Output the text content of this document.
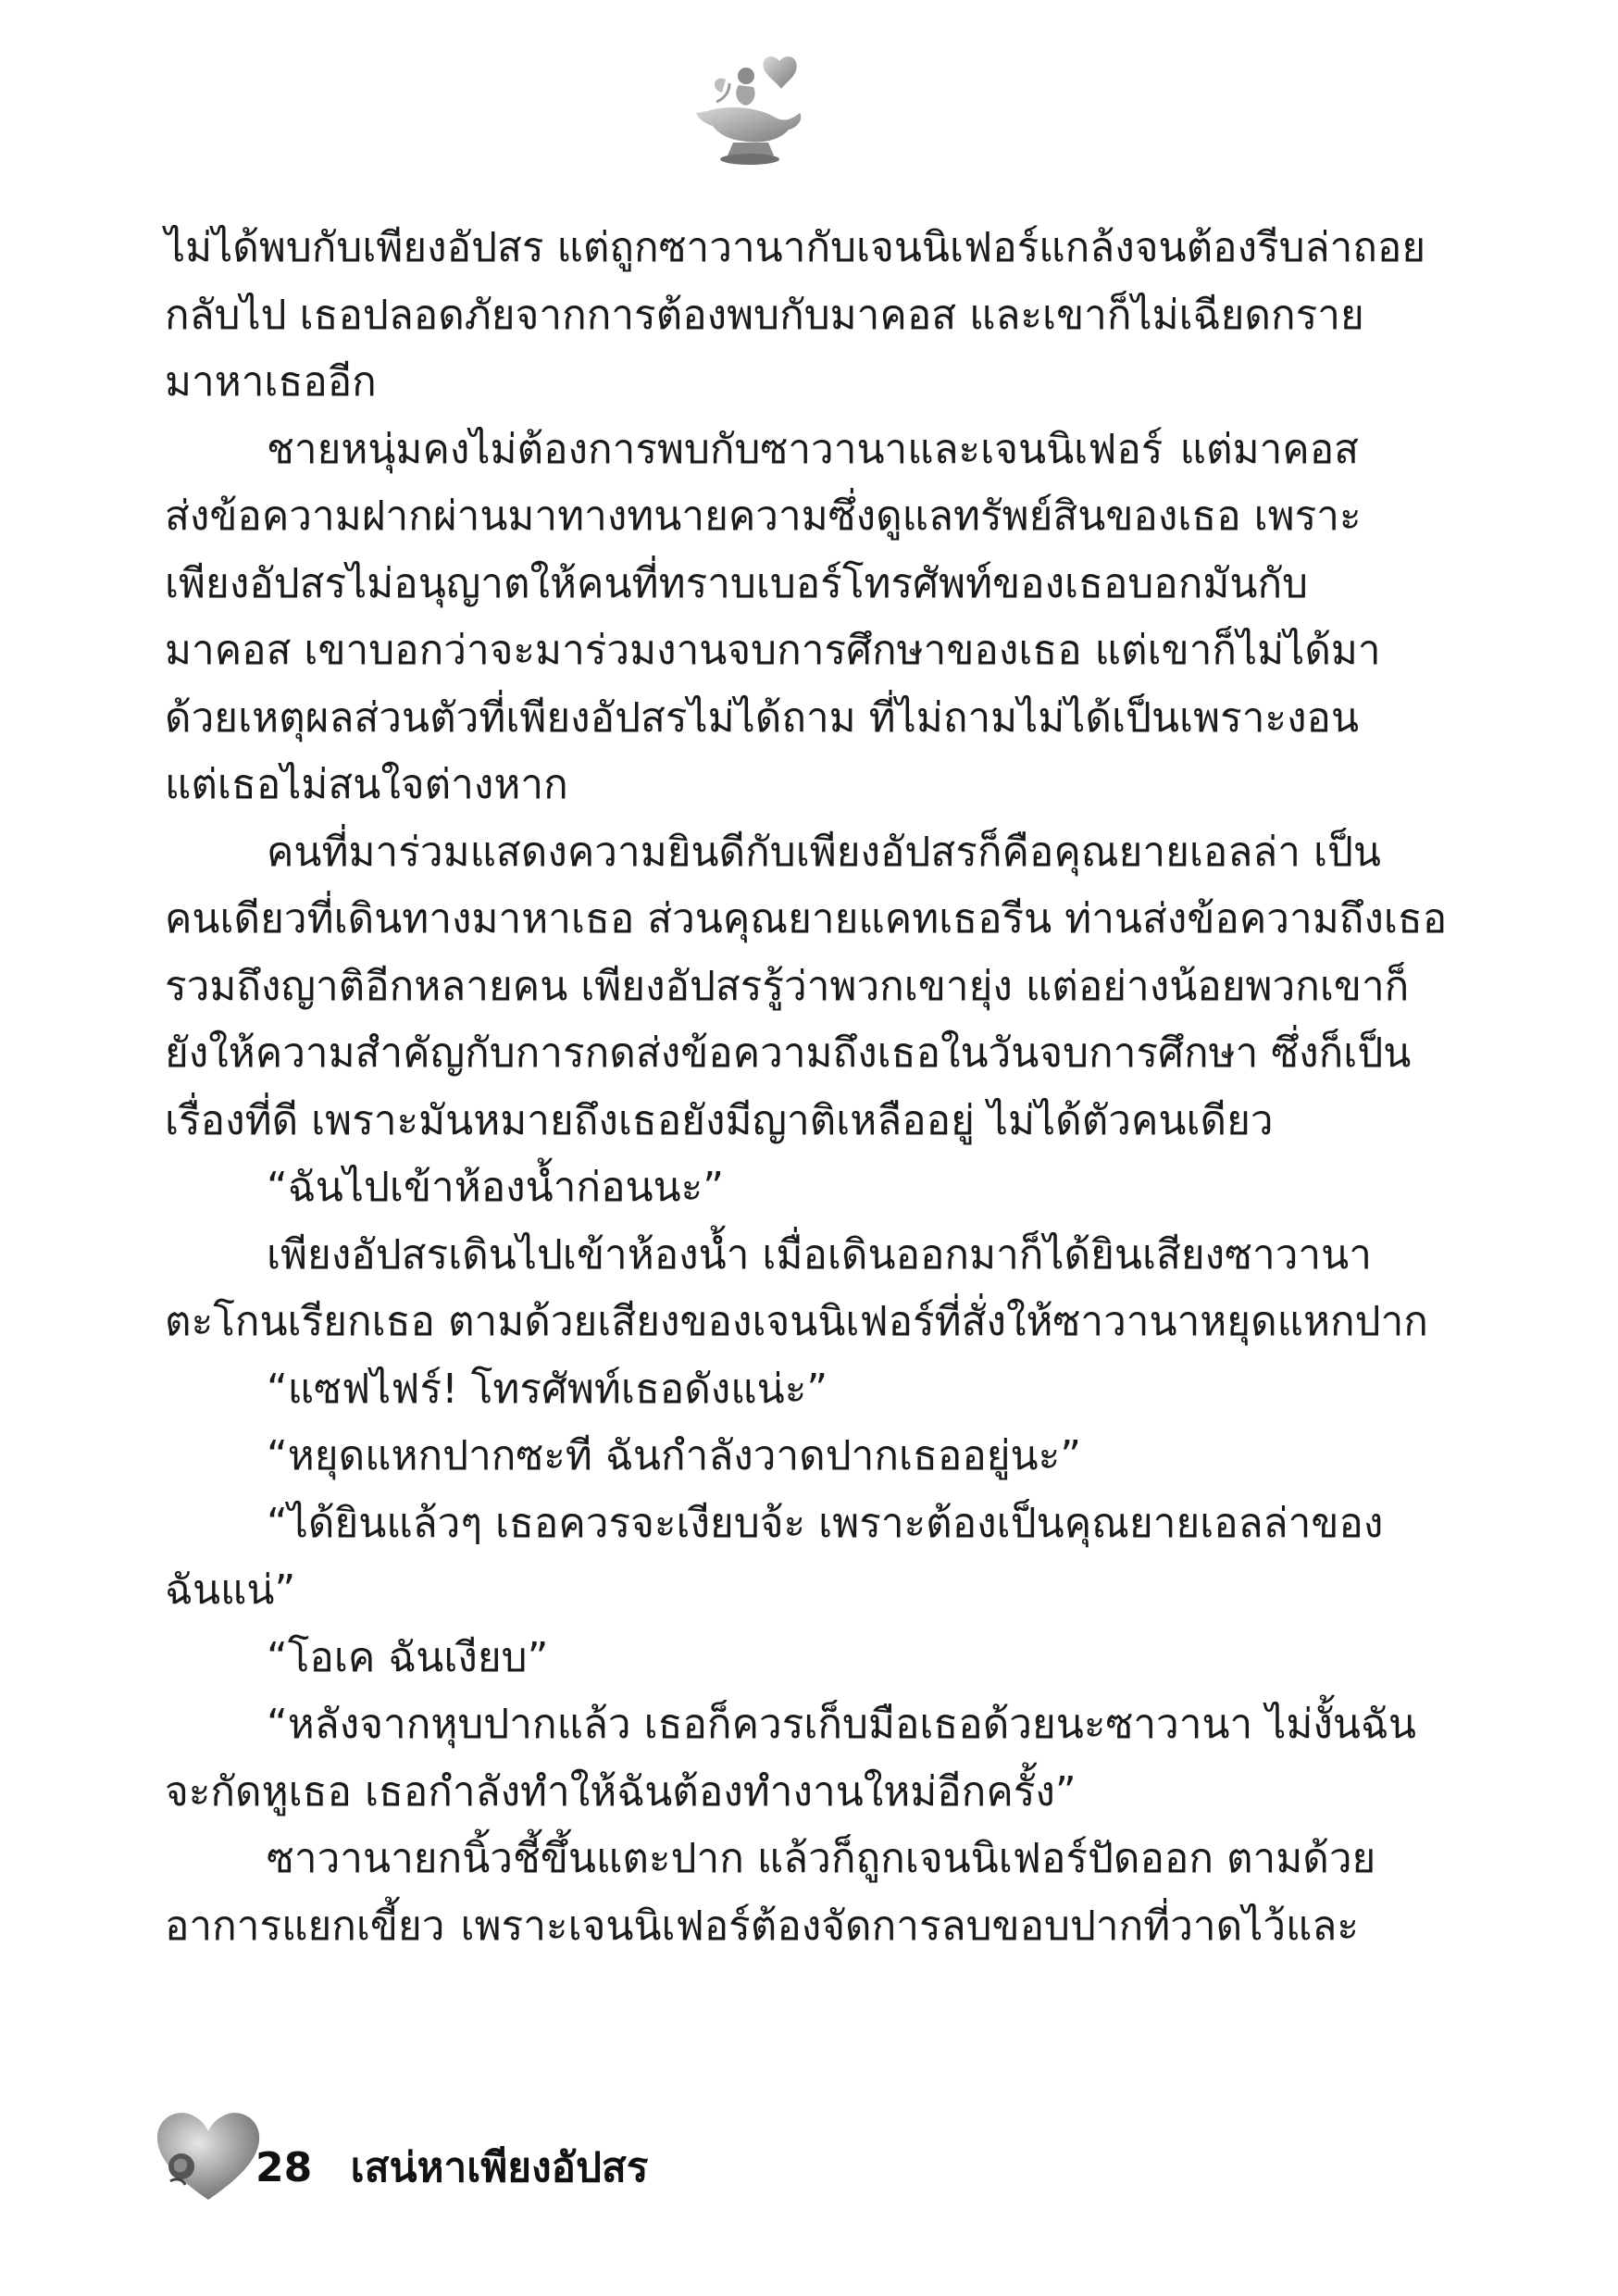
ไม่ได้พบกับเพียงอัปสร แต่ถูกซาวานากับเจนนิเฟอร์แกล้งจนต้องรีบล่าถอย
กลับไป เธอปลอดภัยจากการต้องพบกับมาคอส และเขาก็ไม่เฉียดกราย
มาหาเธออีก
ชายหนุ่มคงไม่ต้องการพบกับซาวานาและเจนนิเฟอร์ แต่มาคอส
ส่งข้อความฝากผ่านมาทางทนายความซึ่งดูแลทรัพย์สินของเธอ เพราะ
เพียงอัปสรไม่อนุญาตให้คนที่ทราบเบอร์โทรศัพท์ของเธอบอกมันกับ
มาคอส เขาบอกว่าจะมาร่วมงานจบการศึกษาของเธอ แต่เขาก็ไม่ได้มา
ด้วยเหตุผลส่วนตัวที่เพียงอัปสรไม่ได้ถาม ที่ไม่ถามไม่ได้เป็นเพราะงอน
แต่เธอไม่สนใจต่างหาก
คนที่มาร่วมแสดงความยินดีกับเพียงอัปสรก็คือคุณยายเอลล่า เป็น
คนเดียวที่เดินทางมาหาเธอ ส่วนคุณยายแคทเธอรีน ท่านส่งข้อความถึงเธอ
รวมถึงญาติอีกหลายคน เพียงอัปสรรู้ว่าพวกเขายุ่ง แต่อย่างน้อยพวกเขาก็
ยังให้ความสำคัญกับการกดส่งข้อความถึงเธอในวันจบการศึกษา ซึ่งก็เป็น
เรื่องที่ดี เพราะมันหมายถึงเธอยังมีญาติเหลืออยู่ ไม่ได้ตัวคนเดียว
“ฉันไปเข้าห้องน้ำก่อนนะ”
เพียงอัปสรเดินไปเข้าห้องน้ำ เมื่อเดินออกมาก็ได้ยินเสียงซาวานา
ตะโกนเรียกเธอ ตามด้วยเสียงของเจนนิเฟอร์ที่สั่งให้ซาวานาหยุดแหกปาก
“แซฟไฟร์! โทรศัพท์เธอดังแน่ะ”
“หยุดแหกปากซะที ฉันกำลังวาดปากเธออยู่นะ”
“ได้ยินแล้วๆ เธอควรจะเงียบจ้ะ เพราะต้องเป็นคุณยายเอลล่าของ
ฉันแน่”
“โอเค ฉันเงียบ”
“หลังจากหุบปากแล้ว เธอก็ควรเก็บมือเธอด้วยนะซาวานา ไม่งั้นฉัน
จะกัดหูเธอ เธอกำลังทำให้ฉันต้องทำงานใหม่อีกครั้ง”
ซาวานายกนิ้วชี้ขึ้นแตะปาก แล้วก็ถูกเจนนิเฟอร์ปัดออก ตามด้วย
อาการแยกเขี้ยว เพราะเจนนิเฟอร์ต้องจัดการลบขอบปากที่วาดไว้และ
28 เสน่หาเพียงอัปสร
